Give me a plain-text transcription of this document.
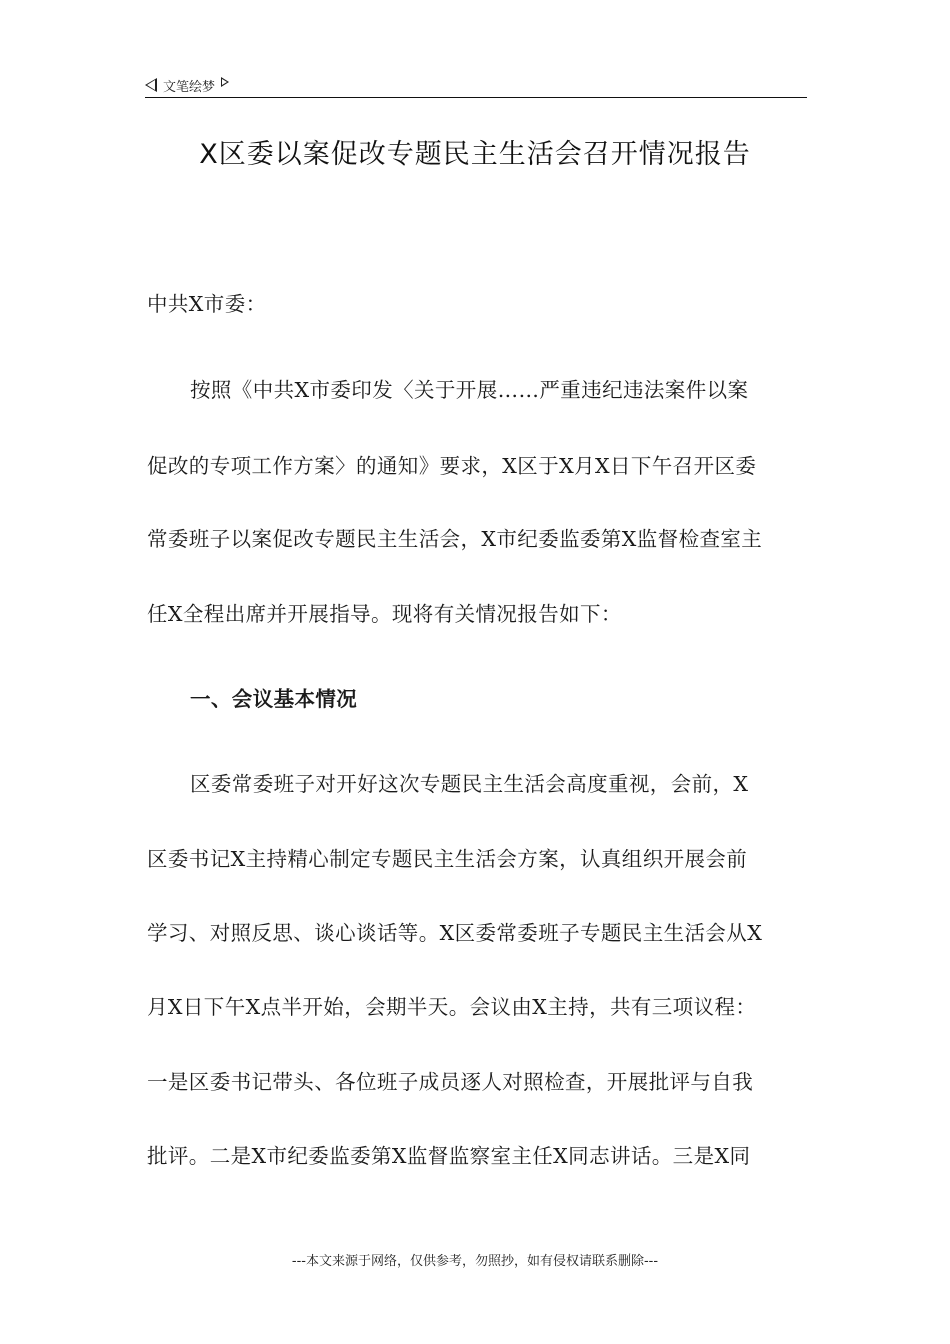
文笔绘梦
X区委以案促改专题民主生活会召开情况报告
中共X市委：
按照《中共X市委印发〈关于开展……严重违纪违法案件以案
促改的专项工作方案〉的通知》要求，X区于X月X日下午召开区委
常委班子以案促改专题民主生活会，X市纪委监委第X监督检查室主
任X全程出席并开展指导。现将有关情况报告如下：
一、会议基本情况
区委常委班子对开好这次专题民主生活会高度重视，会前，X
区委书记X主持精心制定专题民主生活会方案，认真组织开展会前
学习、对照反思、谈心谈话等。X区委常委班子专题民主生活会从X
月X日下午X点半开始，会期半天。会议由X主持，共有三项议程：
一是区委书记带头、各位班子成员逐人对照检查，开展批评与自我
批评。二是X市纪委监委第X监督监察室主任X同志讲话。三是X同
---本文来源于网络，仅供参考，勿照抄，如有侵权请联系删除---
